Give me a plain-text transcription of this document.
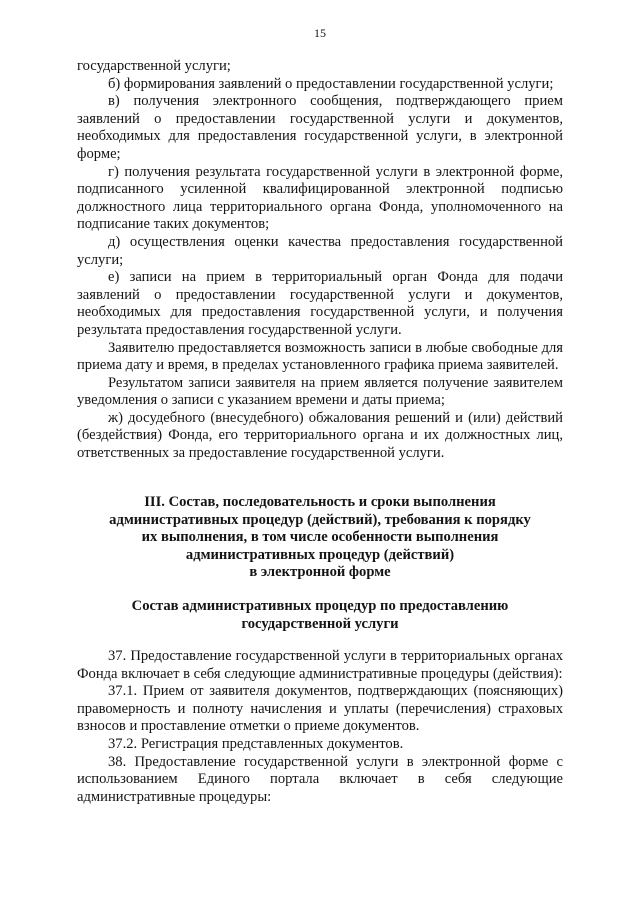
15

государственной услуги;

б) формирования заявлений о предоставлении государственной услуги;

в) получения электронного сообщения, подтверждающего прием заявлений о предоставлении государственной услуги и документов, необходимых для предоставления государственной услуги, в электронной форме;

г) получения результата государственной услуги в электронной форме, подписанного усиленной квалифицированной электронной подписью должностного лица территориального органа Фонда, уполномоченного на подписание таких документов;

д) осуществления оценки качества предоставления государственной услуги;

е) записи на прием в территориальный орган Фонда для подачи заявлений о предоставлении государственной услуги и документов, необходимых для предоставления государственной услуги, и получения результата предоставления государственной услуги.

Заявителю предоставляется возможность записи в любые свободные для приема дату и время, в пределах установленного графика приема заявителей.

Результатом записи заявителя на прием является получение заявителем уведомления о записи с указанием времени и даты приема;

ж) досудебного (внесудебного) обжалования решений и (или) действий (бездействия) Фонда, его территориального органа и их должностных лиц, ответственных за предоставление государственной услуги.

III. Состав, последовательность и сроки выполнения
административных процедур (действий), требования к порядку
их выполнения, в том числе особенности выполнения
административных процедур (действий)
в электронной форме
Состав административных процедур по предоставлению
государственной услуги

37. Предоставление государственной услуги в территориальных органах Фонда включает в себя следующие административные процедуры (действия):

37.1. Прием от заявителя документов, подтверждающих (поясняющих) правомерность и полноту начисления и уплаты (перечисления) страховых взносов и проставление отметки о приеме документов.

37.2. Регистрация представленных документов.

38. Предоставление государственной услуги в электронной форме с использованием Единого портала включает в себя следующие административные процедуры:
